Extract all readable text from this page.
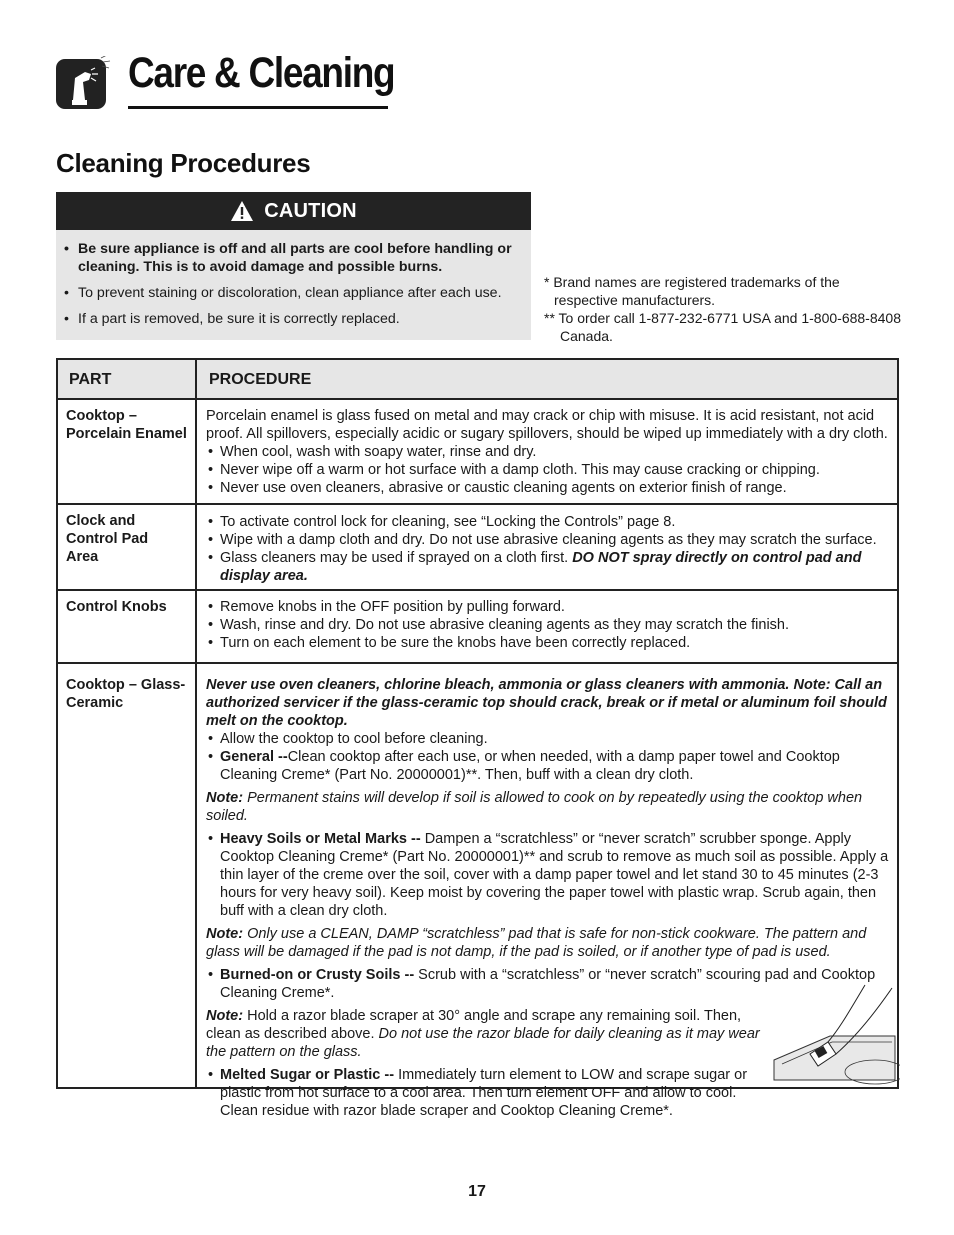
Care & Cleaning
Cleaning Procedures
CAUTION
• Be sure appliance is off and all parts are cool before handling or cleaning. This is to avoid damage and possible burns.
• To prevent staining or discoloration, clean appliance after each use.
• If a part is removed, be sure it is correctly replaced.
* Brand names are registered trademarks of the respective manufacturers.
** To order call 1-877-232-6771 USA and 1-800-688-8408 Canada.
PART	PROCEDURE
Cooktop – Porcelain Enamel

Porcelain enamel is glass fused on metal and may crack or chip with misuse. It is acid resistant, not acid proof. All spillovers, especially acidic or sugary spillovers, should be wiped up immediately with a dry cloth.

• When cool, wash with soapy water, rinse and dry.
• Never wipe off a warm or hot surface with a damp cloth. This may cause cracking or chipping.
• Never use oven cleaners, abrasive or caustic cleaning agents on exterior finish of range.
Clock and Control Pad Area
• To activate control lock for cleaning, see “Locking the Controls” page 8.
• Wipe with a damp cloth and dry. Do not use abrasive cleaning agents as they may scratch the surface.
• Glass cleaners may be used if sprayed on a cloth first. DO NOT spray directly on control pad and display area.
Control Knobs
•	Remove knobs in the OFF position by pulling forward.
• Wash, rinse and dry. Do not use abrasive cleaning agents as they may scratch the finish.
• Turn on each element to be sure the knobs have been correctly replaced.
Cooktop – Glass-Ceramic

Never use oven cleaners, chlorine bleach, ammonia or glass cleaners with ammonia. Note: Call an authorized servicer if the glass-ceramic top should crack, break or if metal or aluminum foil should melt on the cooktop.

• Allow the cooktop to cool before cleaning.
• General --Clean cooktop after each use, or when needed, with a damp paper towel and Cooktop Cleaning Creme* (Part No. 20000001)**. Then, buff with a clean dry cloth.

Note: Permanent stains will develop if soil is allowed to cook on by repeatedly using the cooktop when soiled.

• Heavy Soils or Metal Marks -- Dampen a “scratchless” or “never scratch” scrubber sponge. Apply Cooktop Cleaning Creme* (Part No. 20000001)** and scrub to remove as much soil as possible. Apply a thin layer of the creme over the soil, cover with a damp paper towel and let stand 30 to 45 minutes (2-3 hours for very heavy soil). Keep moist by covering the paper towel with plastic wrap. Scrub again, then buff with a clean dry cloth.

Note: Only use a CLEAN, DAMP “scratchless” pad that is safe for non-stick cookware. The pattern and glass will be damaged if the pad is not damp, if the pad is soiled, or if another type of pad is used.

• Burned-on or Crusty Soils -- Scrub with a “scratchless” or “never scratch” scouring pad and Cooktop Cleaning Creme*.

Note: Hold a razor blade scraper at 30° angle and scrape any remaining soil. Then, clean as described above. Do not use the razor blade for daily cleaning as it may wear the pattern on the glass.

• Melted Sugar or Plastic -- Immediately turn element to LOW and scrape sugar or plastic from hot surface to a cool area. Then turn element OFF and allow to cool. Clean residue with razor blade scraper and Cooktop Cleaning Creme*.
17
